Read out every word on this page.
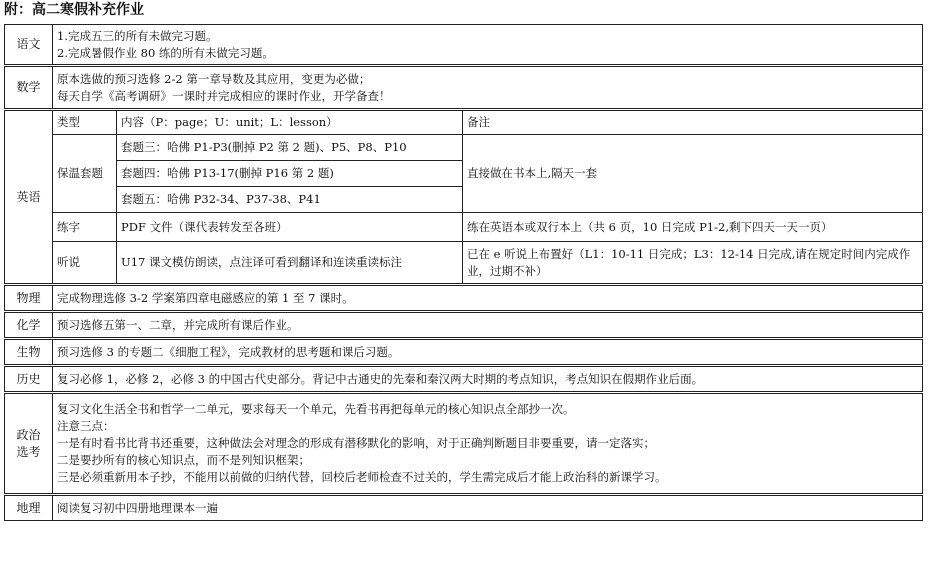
附：高二寒假补充作业
语文	1.完成五三的所有未做完习题。
2.完成暑假作业 80 练的所有未做完习题。		

数学	原本选做的预习选修 2-2 第一章导数及其应用，变更为必做；
每天自学《高考调研》一课时并完成相应的课时作业，开学备查！		

英语	类型	内容（P：page；U：unit；L：lesson）	备注
	保温套题	套题三：哈佛 P1-P3(删掉 P2 第 2 题)、P5、P8、P10	直接做在书本上,隔天一套
		套题四：哈佛 P13-17(删掉 P16 第 2 题)	
		套题五：哈佛 P32-34、P37-38、P41	
	练字	PDF 文件（课代表转发至各班）	练在英语本或双行本上（共 6 页，10 日完成 P1-2,剩下四天一天一页）
	听说	U17 课文模仿朗读，点注译可看到翻译和连读重读标注	已在 e 听说上布置好（L1：10-11 日完成；L3：12-14 日完成,请在规定时间内完成作业，过期不补）

物理	完成物理选修 3-2 学案第四章电磁感应的第 1 至 7 课时。		

化学	预习选修五第一、二章，并完成所有课后作业。		

生物	预习选修 3 的专题二《细胞工程》，完成教材的思考题和课后习题。		

历史	复习必修 1，必修 2，必修 3 的中国古代史部分。背记中古通史的先秦和秦汉两大时期的考点知识，考点知识在假期作业后面。		

政治
选考	复习文化生活全书和哲学一二单元，要求每天一个单元，先看书再把每单元的核心知识点全部抄一次。
注意三点：
一是有时看书比背书还重要，这种做法会对理念的形成有潜移默化的影响，对于正确判断题目非要重要，请一定落实；
二是要抄所有的核心知识点，而不是列知识框架；
三是必须重新用本子抄，不能用以前做的归纳代替，回校后老师检查不过关的，学生需完成后才能上政治科的新课学习。		

地理	阅读复习初中四册地理课本一遍		
